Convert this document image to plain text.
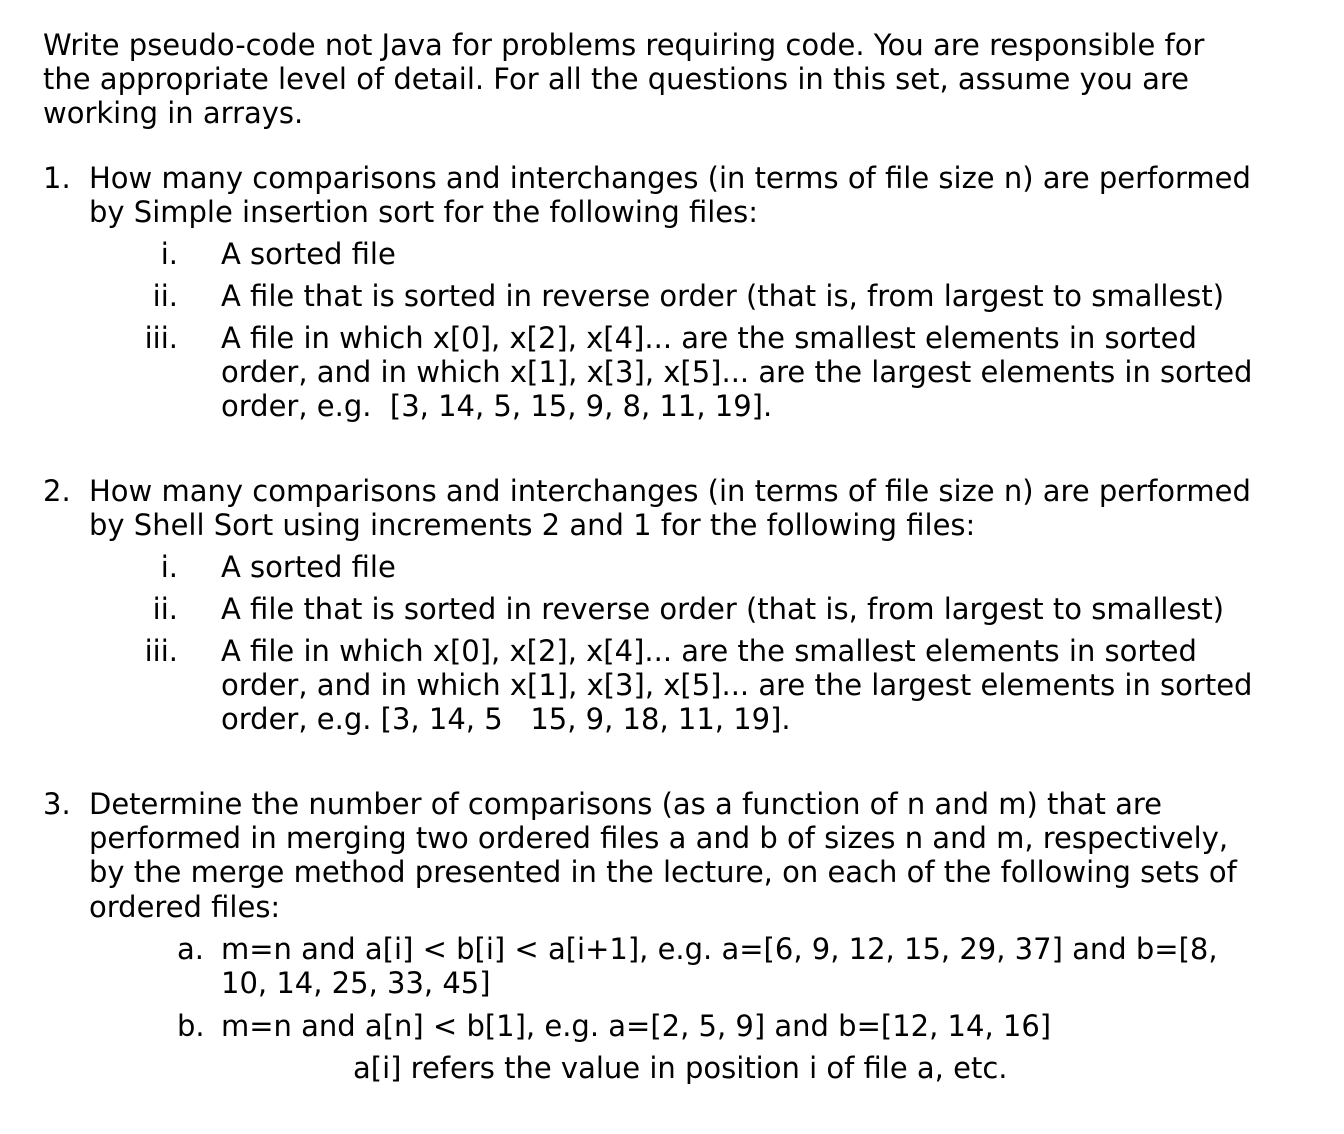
Write pseudo-code not Java for problems requiring code. You are responsible for
the appropriate level of detail. For all the questions in this set, assume you are
working in arrays.
1. How many comparisons and interchanges (in terms of file size n) are performed
by Simple insertion sort for the following files:
i. A sorted file
ii. A file that is sorted in reverse order (that is, from largest to smallest)
iii. A file in which x[0], x[2], x[4]... are the smallest elements in sorted
order, and in which x[1], x[3], x[5]... are the largest elements in sorted
order, e.g.  [3, 14, 5, 15, 9, 8, 11, 19].
2. How many comparisons and interchanges (in terms of file size n) are performed
by Shell Sort using increments 2 and 1 for the following files:
i. A sorted file
ii. A file that is sorted in reverse order (that is, from largest to smallest)
iii. A file in which x[0], x[2], x[4]... are the smallest elements in sorted
order, and in which x[1], x[3], x[5]... are the largest elements in sorted
order, e.g. [3, 14, 5   15, 9, 18, 11, 19].
3. Determine the number of comparisons (as a function of n and m) that are
performed in merging two ordered files a and b of sizes n and m, respectively,
by the merge method presented in the lecture, on each of the following sets of
ordered files:
a. m=n and a[i] < b[i] < a[i+1], e.g. a=[6, 9, 12, 15, 29, 37] and b=[8,
10, 14, 25, 33, 45]
b. m=n and a[n] < b[1], e.g. a=[2, 5, 9] and b=[12, 14, 16]
a[i] refers the value in position i of file a, etc.
